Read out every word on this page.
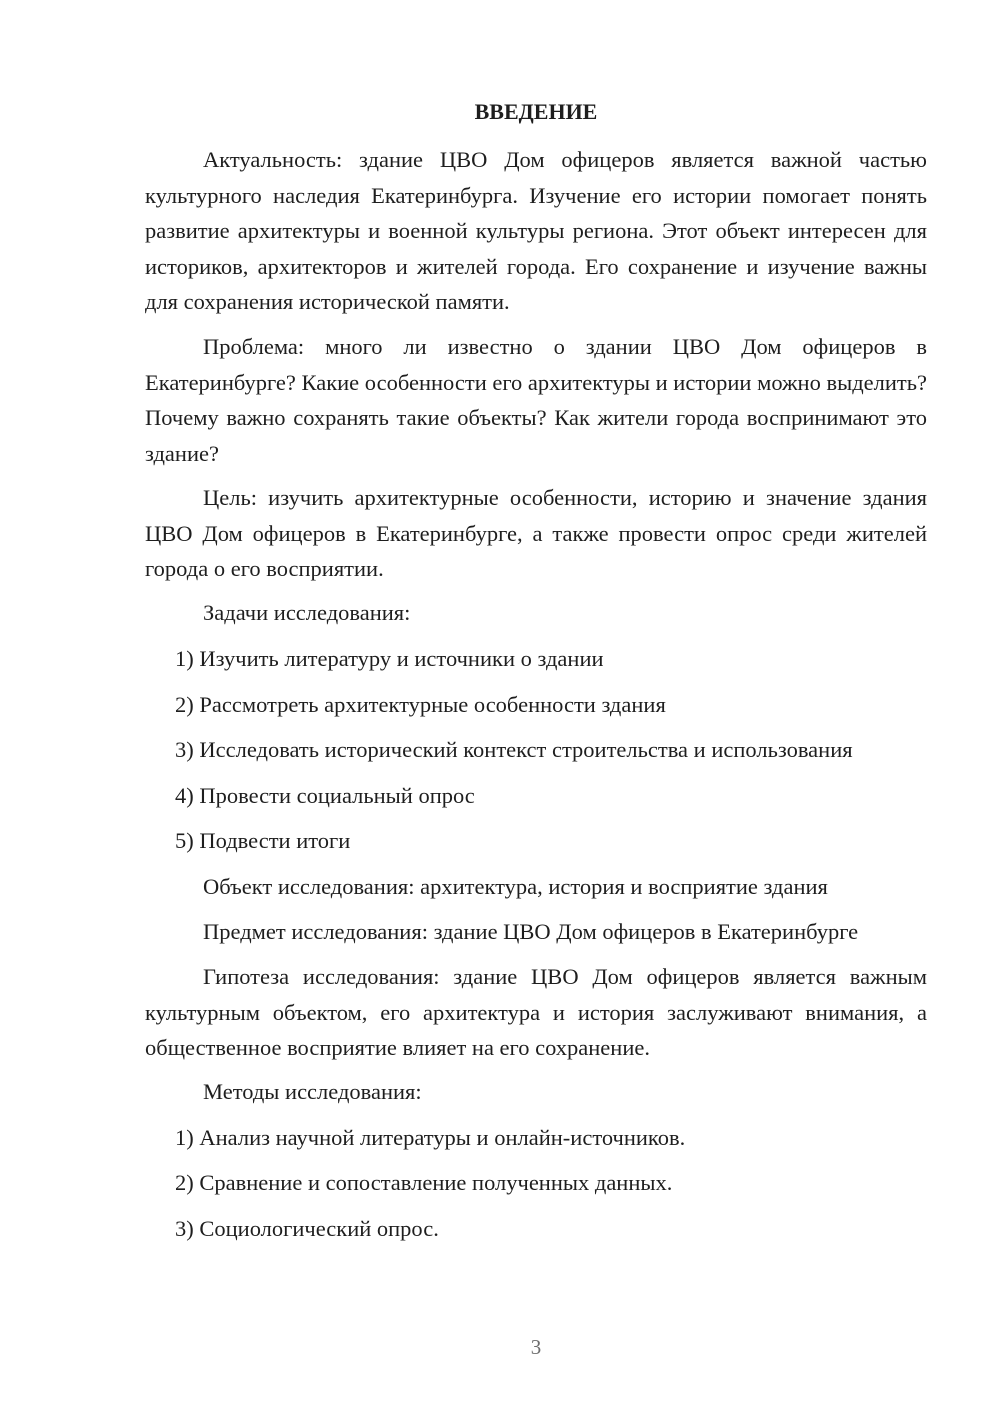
ВВЕДЕНИЕ

Актуальность: здание ЦВО Дом офицеров является важной частью культурного наследия Екатеринбурга. Изучение его истории помогает понять развитие архитектуры и военной культуры региона. Этот объект интересен для историков, архитекторов и жителей города. Его сохранение и изучение важны для сохранения исторической памяти.

Проблема: много ли известно о здании ЦВО Дом офицеров в Екатеринбурге? Какие особенности его архитектуры и истории можно выделить? Почему важно сохранять такие объекты? Как жители города воспринимают это здание?

Цель: изучить архитектурные особенности, историю и значение здания ЦВО Дом офицеров в Екатеринбурге, а также провести опрос среди жителей города о его восприятии.

Задачи исследования:

1) Изучить литературу и источники о здании

2) Рассмотреть архитектурные особенности здания

3) Исследовать исторический контекст строительства и использования

4) Провести социальный опрос

5) Подвести итоги

Объект исследования: архитектура, история и восприятие здания

Предмет исследования: здание ЦВО Дом офицеров в Екатеринбурге

Гипотеза исследования: здание ЦВО Дом офицеров является важным культурным объектом, его архитектура и история заслуживают внимания, а общественное восприятие влияет на его сохранение.

Методы исследования:

1) Анализ научной литературы и онлайн-источников.

2) Сравнение и сопоставление полученных данных.

3) Социологический опрос.

3
